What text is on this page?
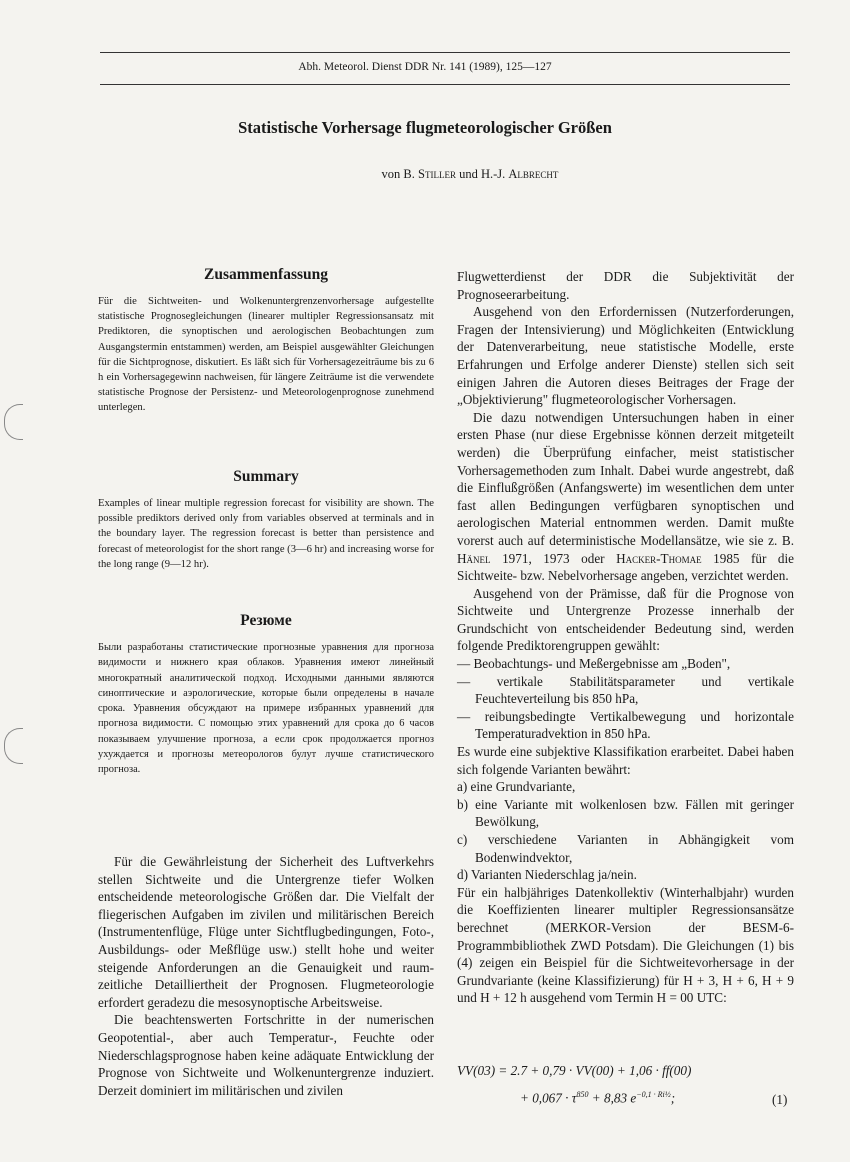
Abh. Meteorol. Dienst DDR Nr. 141 (1989), 125—127
Statistische Vorhersage flugmeteorologischer Größen
von B. Stiller und H.-J. Albrecht
Zusammenfassung

Für die Sichtweiten- und Wolkenuntergrenzenvorhersage aufgestellte statistische Prognosegleichungen (linearer multipler Regressionsansatz mit Prediktoren, die synoptischen und aerologischen Beobachtungen zum Ausgangstermin entstammen) werden, am Beispiel ausgewählter Gleichungen für die Sichtprognose, diskutiert. Es läßt sich für Vorhersagezeiträume bis zu 6 h ein Vorhersagegewinn nachweisen, für längere Zeiträume ist die verwendete statistische Prognose der Persistenz- und Meteorologenprognose zunehmend unterlegen.

Summary

Examples of linear multiple regression forecast for visibility are shown. The possible prediktors derived only from variables observed at terminals and in the boundary layer. The regression forecast is better than persistence and forecast of meteorologist for the short range (3—6 hr) and increasing worse for the long range (9—12 hr).

Резюме

Были разработаны статистические прогнозные уравнения для прогноза видимости и нижнего края облаков. Уравнения имеют линейный многократный аналитической подход. Исходными данными являются синоптические и аэрологические, которые были определены в начале срока. Уравнения обсуждают на примере избранных уравнений для прогноза видимости. С помощью этих уравнений для срока до 6 часов показываем улучшение прогноза, а если срок продолжается прогноз ухуждается и прогнозы метеорологов булут лучше статистического прогноза.

Für die Gewährleistung der Sicherheit des Luftverkehrs stellen Sichtweite und die Untergrenze tiefer Wolken entscheidende meteorologische Größen dar. Die Vielfalt der fliegerischen Aufgaben im zivilen und militärischen Bereich (Instrumentenflüge, Flüge unter Sichtflugbedingungen, Foto-, Ausbildungs- oder Meßflüge usw.) stellt hohe und weiter steigende Anforderungen an die Genauigkeit und raum-zeitliche Detailliertheit der Prognosen. Flugmeteorologie erfordert geradezu die mesosynoptische Arbeitsweise.

Die beachtenswerten Fortschritte in der numerischen Geopotential-, aber auch Temperatur-, Feuchte oder Niederschlagsprognose haben keine adäquate Entwicklung der Prognose von Sichtweite und Wolkenuntergrenze induziert. Derzeit dominiert im militärischen und zivilen

Flugwetterdienst der DDR die Subjektivität der Prognoseerarbeitung.

Ausgehend von den Erfordernissen (Nutzerforderungen, Fragen der Intensivierung) und Möglichkeiten (Entwicklung der Datenverarbeitung, neue statistische Modelle, erste Erfahrungen und Erfolge anderer Dienste) stellen sich seit einigen Jahren die Autoren dieses Beitrages der Frage der „Objektivierung" flugmeteorologischer Vorhersagen.

Die dazu notwendigen Untersuchungen haben in einer ersten Phase (nur diese Ergebnisse können derzeit mitgeteilt werden) die Überprüfung einfacher, meist statistischer Vorhersagemethoden zum Inhalt. Dabei wurde angestrebt, daß die Einflußgrößen (Anfangswerte) im wesentlichen dem unter fast allen Bedingungen verfügbaren synoptischen und aerologischen Material entnommen werden. Damit mußte vorerst auch auf deterministische Modellansätze, wie sie z. B. Hänel 1971, 1973 oder Hacker-Thomae 1985 für die Sichtweite- bzw. Nebelvorhersage angeben, verzichtet werden.

Ausgehend von der Prämisse, daß für die Prognose von Sichtweite und Untergrenze Prozesse innerhalb der Grundschicht von entscheidender Bedeutung sind, werden folgende Prediktorengruppen gewählt:

— Beobachtungs- und Meßergebnisse am „Boden",
— vertikale Stabilitätsparameter und vertikale Feuchteverteilung bis 850 hPa,
— reibungsbedingte Vertikalbewegung und horizontale Temperaturadvektion in 850 hPa.

Es wurde eine subjektive Klassifikation erarbeitet. Dabei haben sich folgende Varianten bewährt:

a) eine Grundvariante,
b) eine Variante mit wolkenlosen bzw. Fällen mit geringer Bewölkung,
c) verschiedene Varianten in Abhängigkeit vom Bodenwindvektor,
d) Varianten Niederschlag ja/nein.

Für ein halbjähriges Datenkollektiv (Winterhalbjahr) wurden die Koeffizienten linearer multipler Regressionsansätze berechnet (MERKOR-Version der BESM-6-Programmbibliothek ZWD Potsdam). Die Gleichungen (1) bis (4) zeigen ein Beispiel für die Sichtweitevorhersage in der Grundvariante (keine Klassifizierung) für H + 3, H + 6, H + 9 und H + 12 h ausgehend vom Termin H = 00 UTC:

VV(03) = 2.7 + 0,79 · VV(00) + 1,06 · ff(00)
+ $0,067 \cdot \tau^{850} + 8,83$ $e^{-0,1 \cdot Ri\frac{1}{2}}$;	(1)
